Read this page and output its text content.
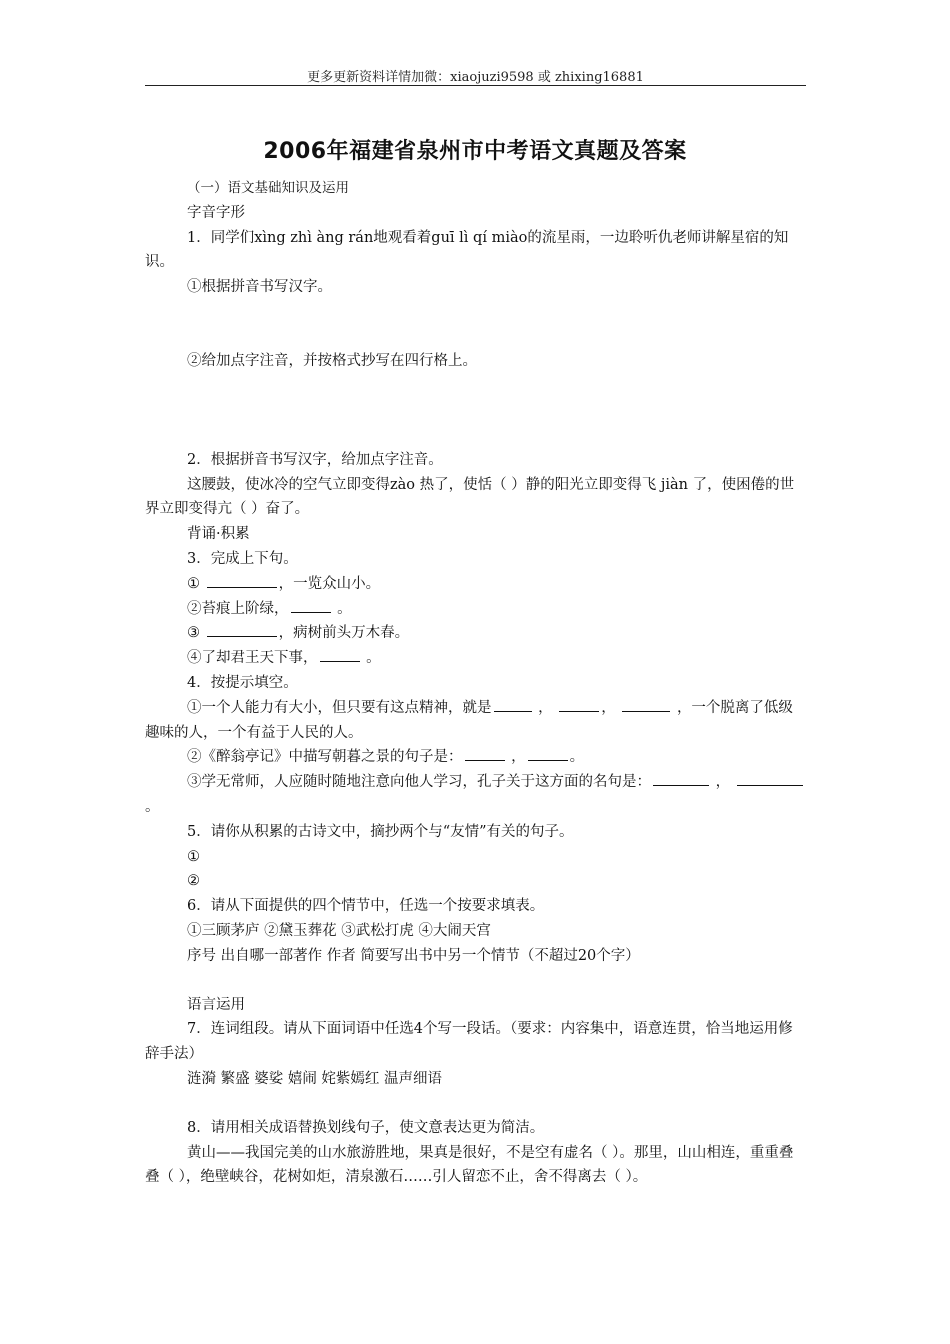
更多更新资料详情加微：xiaojuzi9598 或 zhixing16881
2006年福建省泉州市中考语文真题及答案

（一）语文基础知识及运用

字音字形

1．同学们xìng zhì àng rán地观看着guī lì qí miào的流星雨，一边聆听仇老师讲解星宿的知识。

①根据拼音书写汉字。

②给加点字注音，并按格式抄写在四行格上。

2．根据拼音书写汉字，给加点字注音。

这腰鼓，使冰冷的空气立即变得zào 热了，使恬（ ）静的阳光立即变得飞 jiàn 了，使困倦的世界立即变得亢（ ）奋了。

背诵·积累

3．完成上下句。

①	，一览众山小。

②苔痕上阶绿，	。

③	，病树前头万木春。

④了却君王天下事，	。

4．按提示填空。

①一个人能力有大小，但只要有这点精神，就是	，	，	，一个脱离了低级趣味的人，一个有益于人民的人。

②《醉翁亭记》中描写朝暮之景的句子是：	，	。

③学无常师，人应随时随地注意向他人学习，孔子关于这方面的名句是：	，  。

5．请你从积累的古诗文中，摘抄两个与“友情”有关的句子。

①

②

6．请从下面提供的四个情节中，任选一个按要求填表。

①三顾茅庐 ②黛玉葬花 ③武松打虎 ④大闹天宫

序号 出自哪一部著作 作者 简要写出书中另一个情节（不超过20个字）

语言运用

7．连词组段。请从下面词语中任选4个写一段话。（要求：内容集中，语意连贯，恰当地运用修辞手法）

涟漪 繁盛 婆娑 嬉闹 姹紫嫣红 温声细语

8．请用相关成语替换划线句子，使文意表达更为简洁。

黄山——我国完美的山水旅游胜地，果真是很好，不是空有虚名（ ）。那里，山山相连，重重叠叠（ ），绝壁峡谷，花树如炬，清泉激石……引人留恋不止，舍不得离去（ ）。
